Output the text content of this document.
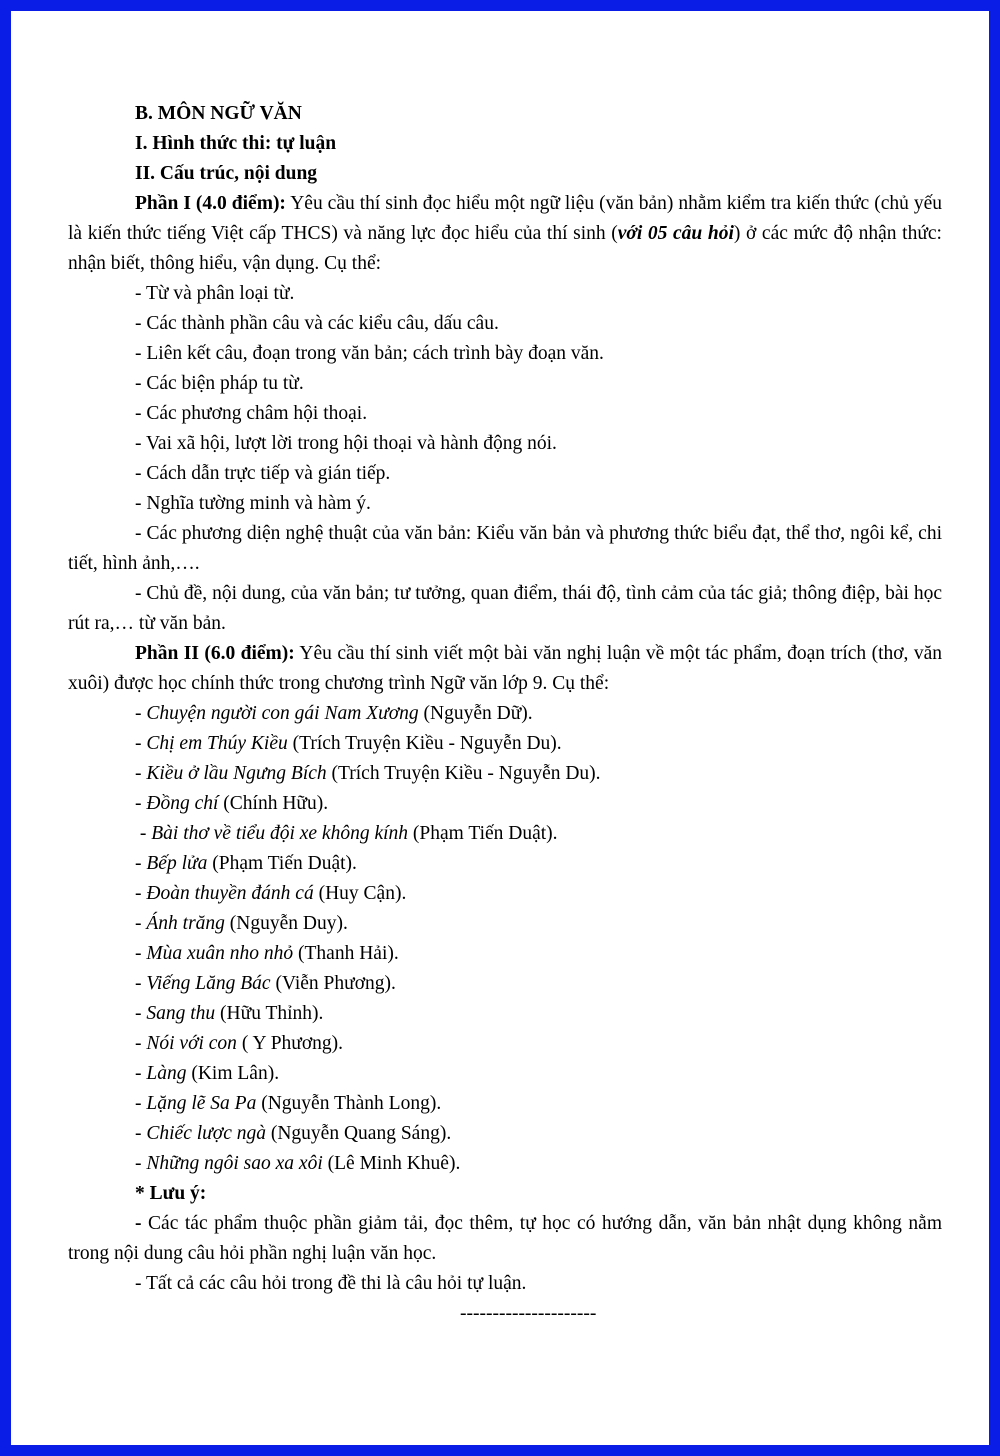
B. MÔN NGỮ VĂN

I. Hình thức thi: tự luận

II. Cấu trúc, nội dung

Phần I (4.0 điểm): Yêu cầu thí sinh đọc hiểu một ngữ liệu (văn bản) nhằm kiểm tra kiến thức (chủ yếu là kiến thức tiếng Việt cấp THCS) và năng lực đọc hiểu của thí sinh (với 05 câu hỏi) ở các mức độ nhận thức: nhận biết, thông hiểu, vận dụng. Cụ thể:

- Từ và phân loại từ.

- Các thành phần câu và các kiểu câu, dấu câu.

- Liên kết câu, đoạn trong văn bản; cách trình bày đoạn văn.

- Các biện pháp tu từ.

- Các phương châm hội thoại.

- Vai xã hội, lượt lời trong hội thoại và hành động nói.

- Cách dẫn trực tiếp và gián tiếp.

- Nghĩa tường minh và hàm ý.

- Các phương diện nghệ thuật của văn bản: Kiểu văn bản và phương thức biểu đạt, thể thơ, ngôi kể, chi tiết, hình ảnh,….

- Chủ đề, nội dung, của văn bản; tư tưởng, quan điểm, thái độ, tình cảm của tác giả; thông điệp, bài học rút ra,… từ văn bản.

Phần II (6.0 điểm): Yêu cầu thí sinh viết một bài văn nghị luận về một tác phẩm, đoạn trích (thơ, văn xuôi) được học chính thức trong chương trình Ngữ văn lớp 9. Cụ thể:

- Chuyện người con gái Nam Xương (Nguyễn Dữ).

- Chị em Thúy Kiều (Trích Truyện Kiều - Nguyễn Du).

- Kiều ở lầu Ngưng Bích (Trích Truyện Kiều - Nguyễn Du).

- Đồng chí (Chính Hữu).

- Bài thơ về tiểu đội xe không kính (Phạm Tiến Duật).

- Bếp lửa (Phạm Tiến Duật).

- Đoàn thuyền đánh cá (Huy Cận).

- Ánh trăng (Nguyễn Duy).

- Mùa xuân nho nhỏ (Thanh Hải).

- Viếng Lăng Bác (Viễn Phương).

- Sang thu (Hữu Thỉnh).

- Nói với con ( Y Phương).

- Làng (Kim Lân).

- Lặng lẽ Sa Pa (Nguyễn Thành Long).

- Chiếc lược ngà (Nguyễn Quang Sáng).

- Những ngôi sao xa xôi (Lê Minh Khuê).

* Lưu ý:

- Các tác phẩm thuộc phần giảm tải, đọc thêm, tự học có hướng dẫn, văn bản nhật dụng không nằm trong nội dung câu hỏi phần nghị luận văn học.

- Tất cả các câu hỏi trong đề thi là câu hỏi tự luận.

---------------------
